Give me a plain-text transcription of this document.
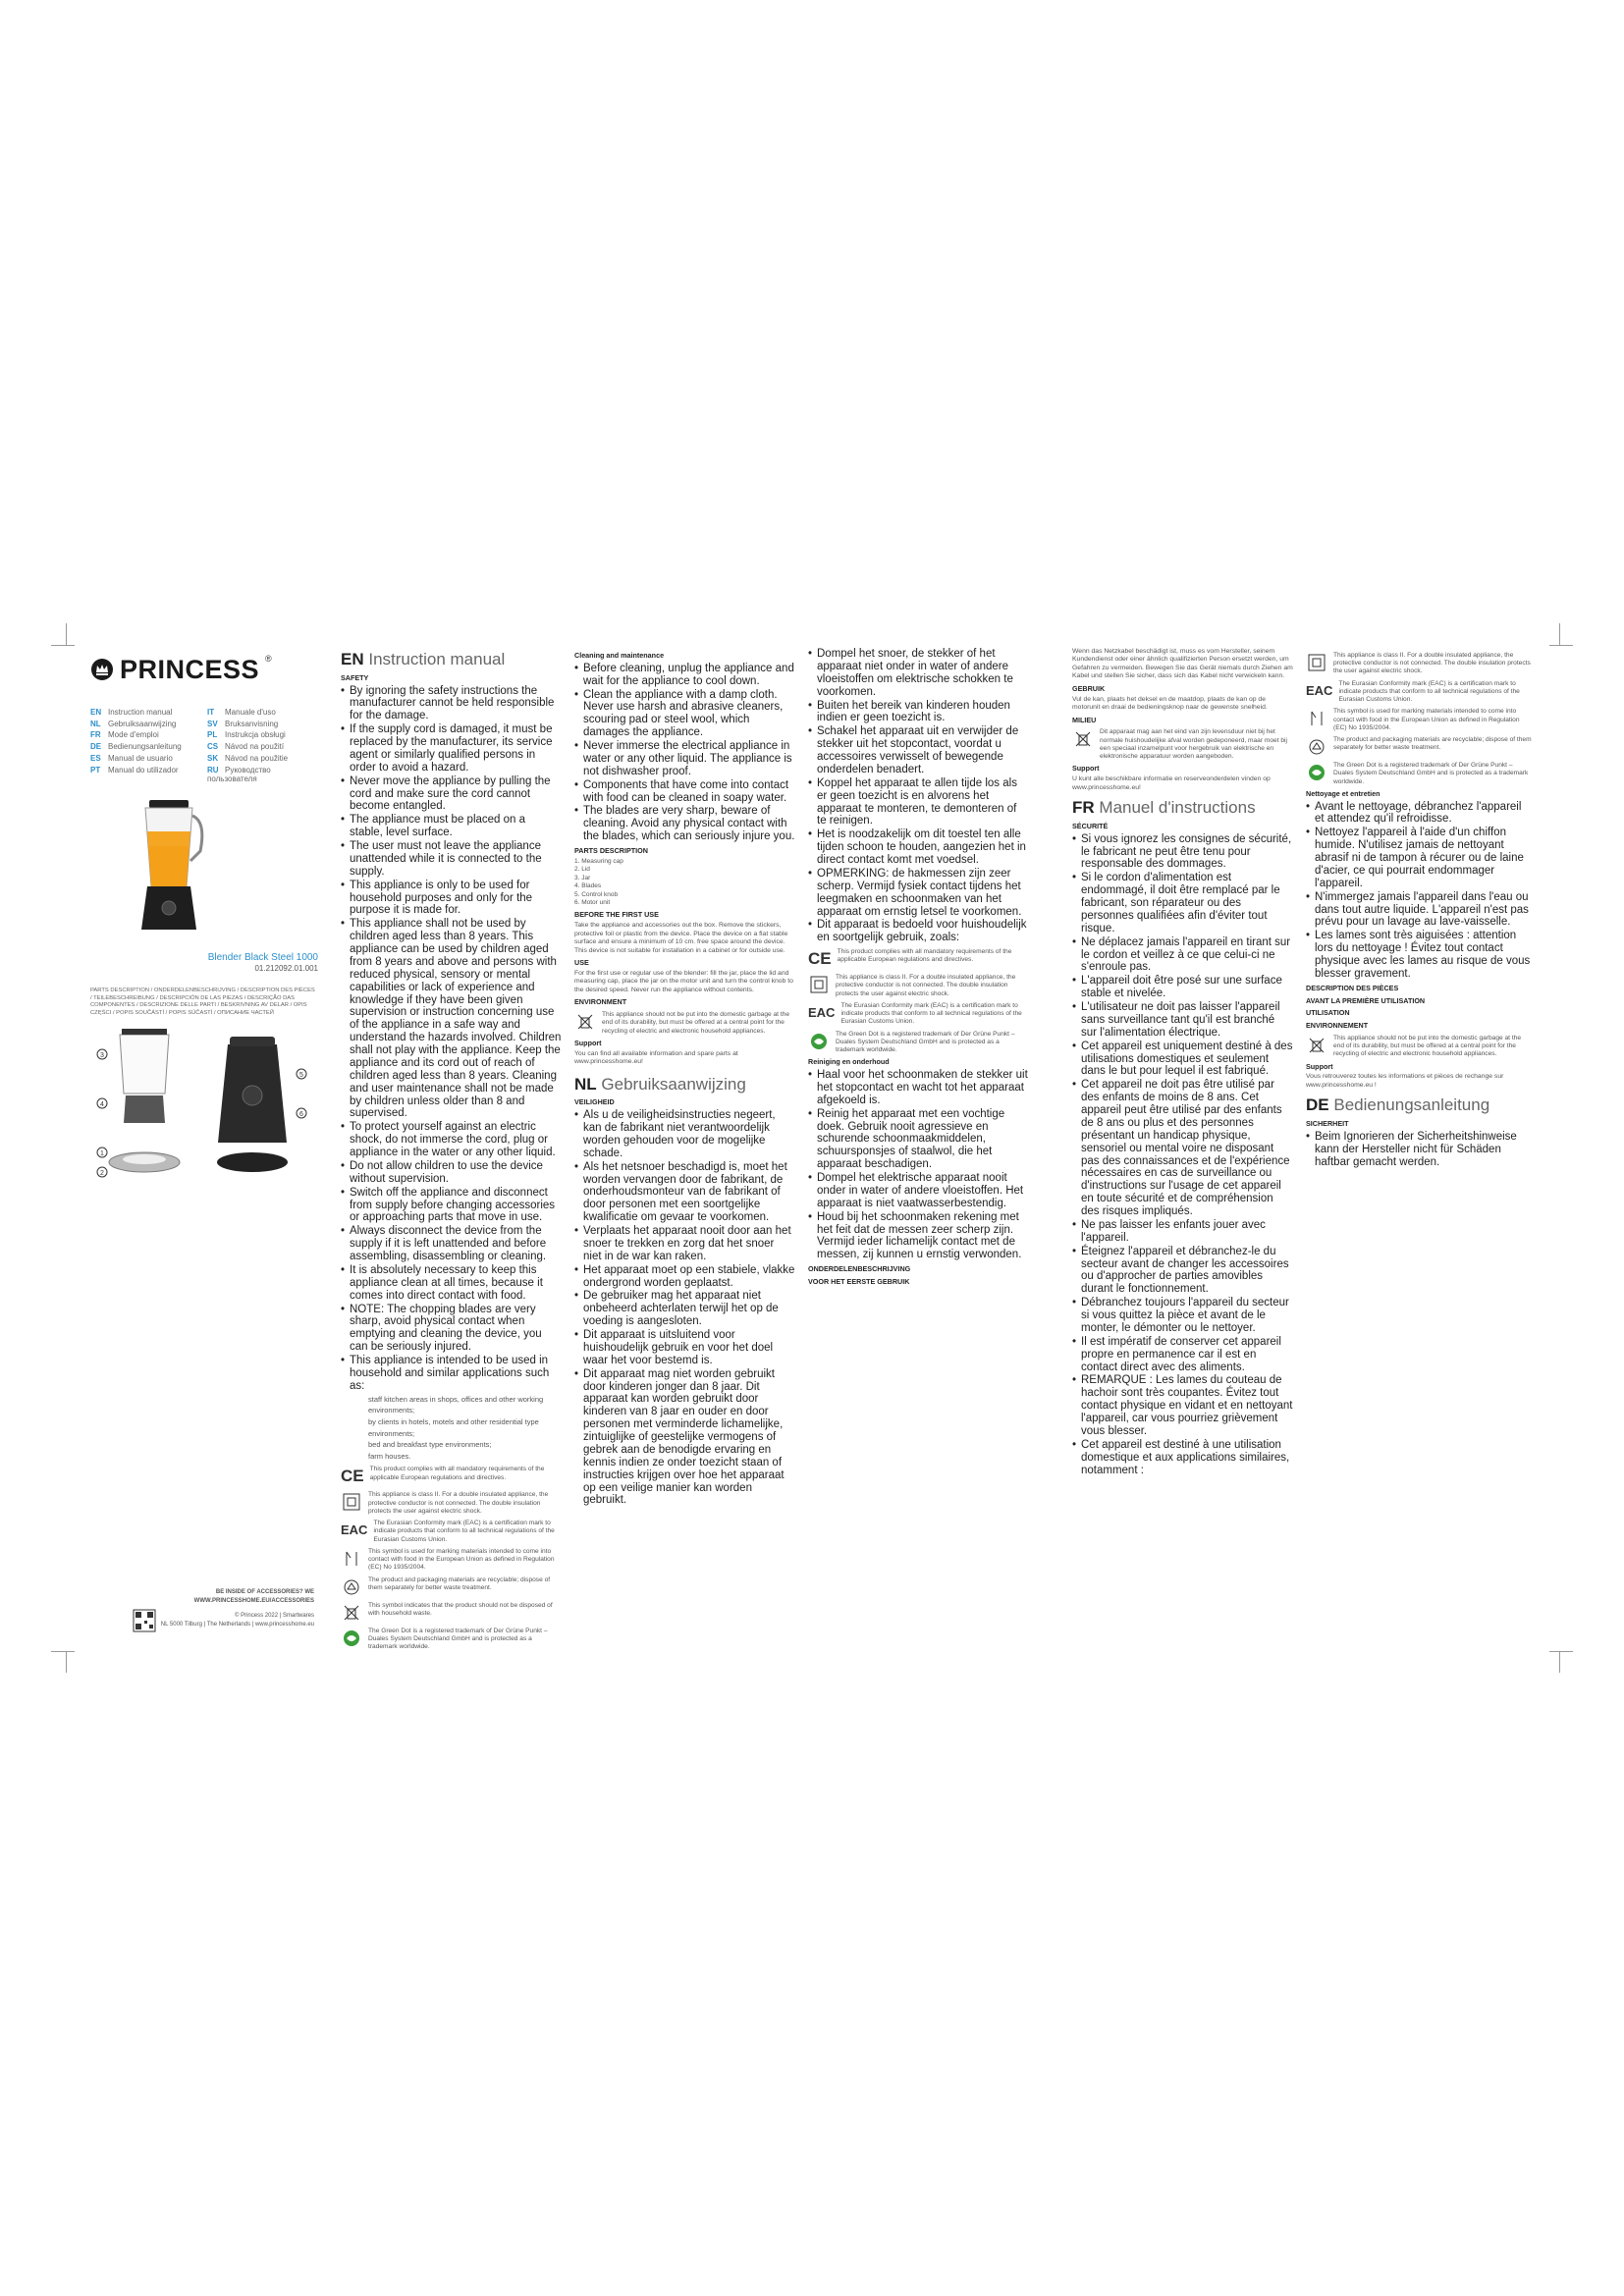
PRINCESS ®
EN Instruction manual	IT Manuale d'uso
NL Gebruiksaanwijzing	SV Bruksanvisning
FR Mode d'emploi	PL Instrukcja obsługi
DE Bedienungsanleitung	CS Návod na použití
ES Manual de usuario	SK Návod na použitie
PT Manual do utilizador	RU Руководство пользователя
Blender Black Steel 1000
01.212092.01.001
PARTS DESCRIPTION / ONDERDELENBESCHRIJVING / DESCRIPTION DES PIÈCES / TEILEBESCHREIBUNG / DESCRIPCIÓN DE LAS PIEZAS / DESCRIÇÃO DAS COMPONENTES / DESCRIZIONE DELLE PARTI / BESKRIVNING AV DELAR / OPIS CZĘŚCI / POPIS SOUČÁSTÍ / POPIS SÚČASTÍ / ОПИСАНИЕ ЧАСТЕЙ
3
4
1
2
5
6
BE INSIDE OF ACCESSORIES? WE
WWW.PRINCESSHOME.EU/ACCESSORIES
© Princess 2022 | Smartwares
NL 5000 Tilburg | The Netherlands | www.princesshome.eu
EN Instruction manual
SAFETY
• By ignoring the safety instructions the manufacturer cannot be held responsible for the damage.
• If the supply cord is damaged, it must be replaced by the manufacturer, its service agent or similarly qualified persons in order to avoid a hazard.
• Never move the appliance by pulling the cord and make sure the cord cannot become entangled.
• The appliance must be placed on a stable, level surface.
• The user must not leave the appliance unattended while it is connected to the supply.
• This appliance is only to be used for household purposes and only for the purpose it is made for.
• This appliance shall not be used by children aged less than 8 years. This appliance can be used by children aged from 8 years and above and persons with reduced physical, sensory or mental capabilities or lack of experience and knowledge if they have been given supervision or instruction concerning use of the appliance in a safe way and understand the hazards involved. Children shall not play with the appliance. Keep the appliance and its cord out of reach of children aged less than 8 years. Cleaning and user maintenance shall not be made by children unless older than 8 and supervised.
• To protect yourself against an electric shock, do not immerse the cord, plug or appliance in the water or any other liquid.
• Do not allow children to use the device without supervision.
• Switch off the appliance and disconnect from supply before changing accessories or approaching parts that move in use.
• Always disconnect the device from the supply if it is left unattended and before assembling, disassembling or cleaning.
• It is absolutely necessary to keep this appliance clean at all times, because it comes into direct contact with food.
• NOTE: The chopping blades are very sharp, avoid physical contact when emptying and cleaning the device, you can be seriously injured.
• This appliance is intended to be used in household and similar applications such as:
staff kitchen areas in shops, offices and other working environments;
by clients in hotels, motels and other residential type environments;
bed and breakfast type environments;
farm houses.
CE This product complies with all mandatory requirements of the applicable European regulations and directives.
This appliance is class II. For a double insulated appliance, the protective conductor is not connected. The double insulation protects the user against electric shock.
EAC The Eurasian Conformity mark (EAC) is a certification mark to indicate products that conform to all technical regulations of the Eurasian Customs Union.
This symbol is used for marking materials intended to come into contact with food in the European Union as defined in Regulation (EC) No 1935/2004.
The product and packaging materials are recyclable; dispose of them separately for better waste treatment.
This symbol indicates that the product should not be disposed of with household waste.
The Green Dot is a registered trademark of Der Grüne Punkt – Duales System Deutschland GmbH and is protected as a trademark worldwide.
Cleaning and maintenance
• Before cleaning, unplug the appliance and wait for the appliance to cool down.
• Clean the appliance with a damp cloth. Never use harsh and abrasive cleaners, scouring pad or steel wool, which damages the appliance.
• Never immerse the electrical appliance in water or any other liquid. The appliance is not dishwasher proof.
• Components that have come into contact with food can be cleaned in soapy water.
• The blades are very sharp, beware of cleaning. Avoid any physical contact with the blades, which can seriously injure you.
PARTS DESCRIPTION
1. Measuring cap
2. Lid
3. Jar
4. Blades
5. Control knob
6. Motor unit
BEFORE THE FIRST USE

Take the appliance and accessories out the box. Remove the stickers, protective foil or plastic from the device. Place the device on a flat stable surface and ensure a minimum of 10 cm. free space around the device. This device is not suitable for installation in a cabinet or for outside use.

USE

For the first use or regular use of the blender: fill the jar, place the lid and measuring cap, place the jar on the motor unit and turn the control knob to the desired speed. Never run the appliance without contents.

ENVIRONMENT
This appliance should not be put into the domestic garbage at the end of its durability, but must be offered at a central point for the recycling of electric and electronic household appliances.
Support

You can find all available information and spare parts at www.princesshome.eu!

NL Gebruiksaanwijzing
VEILIGHEID
• Als u de veiligheidsinstructies negeert, kan de fabrikant niet verantwoordelijk worden gehouden voor de mogelijke schade.
• Als het netsnoer beschadigd is, moet het worden vervangen door de fabrikant, de onderhoudsmonteur van de fabrikant of door personen met een soortgelijke kwalificatie om gevaar te voorkomen.
• Verplaats het apparaat nooit door aan het snoer te trekken en zorg dat het snoer niet in de war kan raken.
• Het apparaat moet op een stabiele, vlakke ondergrond worden geplaatst.
• De gebruiker mag het apparaat niet onbeheerd achterlaten terwijl het op de voeding is aangesloten.
• Dit apparaat is uitsluitend voor huishoudelijk gebruik en voor het doel waar het voor bestemd is.
• Dit apparaat mag niet worden gebruikt door kinderen jonger dan 8 jaar. Dit apparaat kan worden gebruikt door kinderen van 8 jaar en ouder en door personen met verminderde lichamelijke, zintuiglijke of geestelijke vermogens of gebrek aan de benodigde ervaring en kennis indien ze onder toezicht staan of instructies krijgen over hoe het apparaat op een veilige manier kan worden gebruikt.
• Dompel het snoer, de stekker of het apparaat niet onder in water of andere vloeistoffen om elektrische schokken te voorkomen.
• Buiten het bereik van kinderen houden indien er geen toezicht is.
• Schakel het apparaat uit en verwijder de stekker uit het stopcontact, voordat u accessoires verwisselt of bewegende onderdelen benadert.
• Koppel het apparaat te allen tijde los als er geen toezicht is en alvorens het apparaat te monteren, te demonteren of te reinigen.
• Het is noodzakelijk om dit toestel ten alle tijden schoon te houden, aangezien het in direct contact komt met voedsel.
• OPMERKING: de hakmessen zijn zeer scherp. Vermijd fysiek contact tijdens het leegmaken en schoonmaken van het apparaat om ernstig letsel te voorkomen.
• Dit apparaat is bedoeld voor huishoudelijk en soortgelijk gebruik, zoals:
CE This product complies with all mandatory requirements of the applicable European regulations and directives.
This appliance is class II. For a double insulated appliance, the protective conductor is not connected. The double insulation protects the user against electric shock.
EAC The Eurasian Conformity mark (EAC) is a certification mark to indicate products that conform to all technical regulations of the Eurasian Customs Union.
The Green Dot is a registered trademark of Der Grüne Punkt – Duales System Deutschland GmbH and is protected as a trademark worldwide.
Reiniging en onderhoud
• Haal voor het schoonmaken de stekker uit het stopcontact en wacht tot het apparaat afgekoeld is.
• Reinig het apparaat met een vochtige doek. Gebruik nooit agressieve en schurende schoonmaakmiddelen, schuursponsjes of staalwol, die het apparaat beschadigen.
• Dompel het elektrische apparaat nooit onder in water of andere vloeistoffen. Het apparaat is niet vaatwasserbestendig.
• Houd bij het schoonmaken rekening met het feit dat de messen zeer scherp zijn. Vermijd ieder lichamelijk contact met de messen, zij kunnen u ernstig verwonden.
ONDERDELENBESCHRIJVING
VOOR HET EERSTE GEBRUIK

Wenn das Netzkabel beschädigt ist, muss es vom Hersteller, seinem Kundendienst oder einer ähnlich qualifizierten Person ersetzt werden, um Gefahren zu vermeiden. Bewegen Sie das Gerät niemals durch Ziehen am Kabel und stellen Sie sicher, dass sich das Kabel nicht verwickeln kann.

GEBRUIK

Vul de kan, plaats het deksel en de maatdop, plaats de kan op de motorunit en draai de bedieningsknop naar de gewenste snelheid.

MILIEU
Dit apparaat mag aan het eind van zijn levensduur niet bij het normale huishoudelijke afval worden gedeponeerd, maar moet bij een speciaal inzamelpunt voor hergebruik van elektrische en elektronische apparatuur worden aangeboden.
Support

U kunt alle beschikbare informatie en reserveonderdelen vinden op www.princesshome.eu!

FR Manuel d'instructions
SÉCURITÉ
• Si vous ignorez les consignes de sécurité, le fabricant ne peut être tenu pour responsable des dommages.
• Si le cordon d'alimentation est endommagé, il doit être remplacé par le fabricant, son réparateur ou des personnes qualifiées afin d'éviter tout risque.
• Ne déplacez jamais l'appareil en tirant sur le cordon et veillez à ce que celui-ci ne s'enroule pas.
• L'appareil doit être posé sur une surface stable et nivelée.
• L'utilisateur ne doit pas laisser l'appareil sans surveillance tant qu'il est branché sur l'alimentation électrique.
• Cet appareil est uniquement destiné à des utilisations domestiques et seulement dans le but pour lequel il est fabriqué.
• Cet appareil ne doit pas être utilisé par des enfants de moins de 8 ans. Cet appareil peut être utilisé par des enfants de 8 ans ou plus et des personnes présentant un handicap physique, sensoriel ou mental voire ne disposant pas des connaissances et de l'expérience nécessaires en cas de surveillance ou d'instructions sur l'usage de cet appareil en toute sécurité et de compréhension des risques impliqués.
• Ne pas laisser les enfants jouer avec l'appareil.
• Éteignez l'appareil et débranchez-le du secteur avant de changer les accessoires ou d'approcher de parties amovibles durant le fonctionnement.
• Débranchez toujours l'appareil du secteur si vous quittez la pièce et avant de le monter, le démonter ou le nettoyer.
• Il est impératif de conserver cet appareil propre en permanence car il est en contact direct avec des aliments.
• REMARQUE : Les lames du couteau de hachoir sont très coupantes. Évitez tout contact physique en vidant et en nettoyant l'appareil, car vous pourriez grièvement vous blesser.
• Cet appareil est destiné à une utilisation domestique et aux applications similaires, notamment :
This appliance is class II. For a double insulated appliance, the protective conductor is not connected. The double insulation protects the user against electric shock.
EAC The Eurasian Conformity mark (EAC) is a certification mark to indicate products that conform to all technical regulations of the Eurasian Customs Union.
This symbol is used for marking materials intended to come into contact with food in the European Union as defined in Regulation (EC) No 1935/2004.
The product and packaging materials are recyclable; dispose of them separately for better waste treatment.
The Green Dot is a registered trademark of Der Grüne Punkt – Duales System Deutschland GmbH and is protected as a trademark worldwide.
Nettoyage et entretien
• Avant le nettoyage, débranchez l'appareil et attendez qu'il refroidisse.
• Nettoyez l'appareil à l'aide d'un chiffon humide. N'utilisez jamais de nettoyant abrasif ni de tampon à récurer ou de laine d'acier, ce qui pourrait endommager l'appareil.
• N'immergez jamais l'appareil dans l'eau ou dans tout autre liquide. L'appareil n'est pas prévu pour un lavage au lave-vaisselle.
• Les lames sont très aiguisées : attention lors du nettoyage ! Évitez tout contact physique avec les lames au risque de vous blesser gravement.
DESCRIPTION DES PIÈCES
AVANT LA PREMIÈRE UTILISATION
UTILISATION
ENVIRONNEMENT
This appliance should not be put into the domestic garbage at the end of its durability, but must be offered at a central point for the recycling of electric and electronic household appliances.
Support

Vous retrouverez toutes les informations et pièces de rechange sur www.princesshome.eu !

DE Bedienungsanleitung
SICHERHEIT
• Beim Ignorieren der Sicherheitshinweise kann der Hersteller nicht für Schäden haftbar gemacht werden.
